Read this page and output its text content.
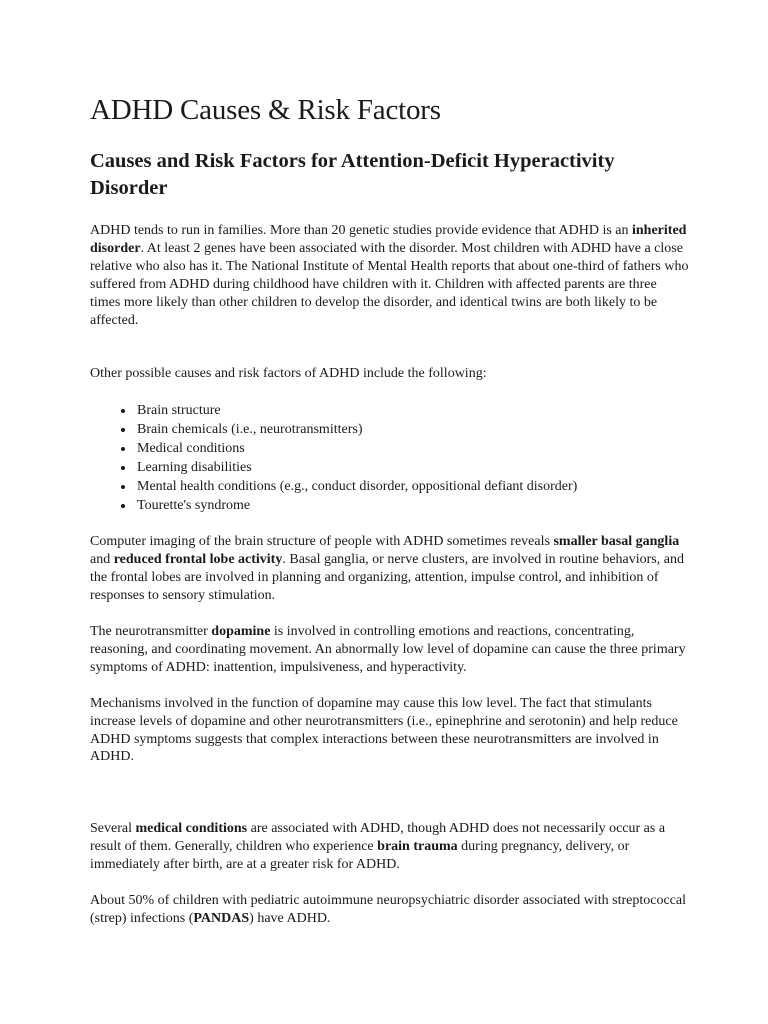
ADHD Causes & Risk Factors
Causes and Risk Factors for Attention-Deficit Hyperactivity Disorder

ADHD tends to run in families. More than 20 genetic studies provide evidence that ADHD is an inherited disorder. At least 2 genes have been associated with the disorder. Most children with ADHD have a close relative who also has it. The National Institute of Mental Health reports that about one-third of fathers who suffered from ADHD during childhood have children with it. Children with affected parents are three times more likely than other children to develop the disorder, and identical twins are both likely to be affected.

Other possible causes and risk factors of ADHD include the following:

• Brain structure
• Brain chemicals (i.e., neurotransmitters)
• Medical conditions
• Learning disabilities
• Mental health conditions (e.g., conduct disorder, oppositional defiant disorder)
• Tourette's syndrome

Computer imaging of the brain structure of people with ADHD sometimes reveals smaller basal ganglia and reduced frontal lobe activity. Basal ganglia, or nerve clusters, are involved in routine behaviors, and the frontal lobes are involved in planning and organizing, attention, impulse control, and inhibition of responses to sensory stimulation.

The neurotransmitter dopamine is involved in controlling emotions and reactions, concentrating, reasoning, and coordinating movement. An abnormally low level of dopamine can cause the three primary symptoms of ADHD: inattention, impulsiveness, and hyperactivity.

Mechanisms involved in the function of dopamine may cause this low level. The fact that stimulants increase levels of dopamine and other neurotransmitters (i.e., epinephrine and serotonin) and help reduce ADHD symptoms suggests that complex interactions between these neurotransmitters are involved in ADHD.

Several medical conditions are associated with ADHD, though ADHD does not necessarily occur as a result of them. Generally, children who experience brain trauma during pregnancy, delivery, or immediately after birth, are at a greater risk for ADHD.

About 50% of children with pediatric autoimmune neuropsychiatric disorder associated with streptococcal (strep) infections (PANDAS) have ADHD.
